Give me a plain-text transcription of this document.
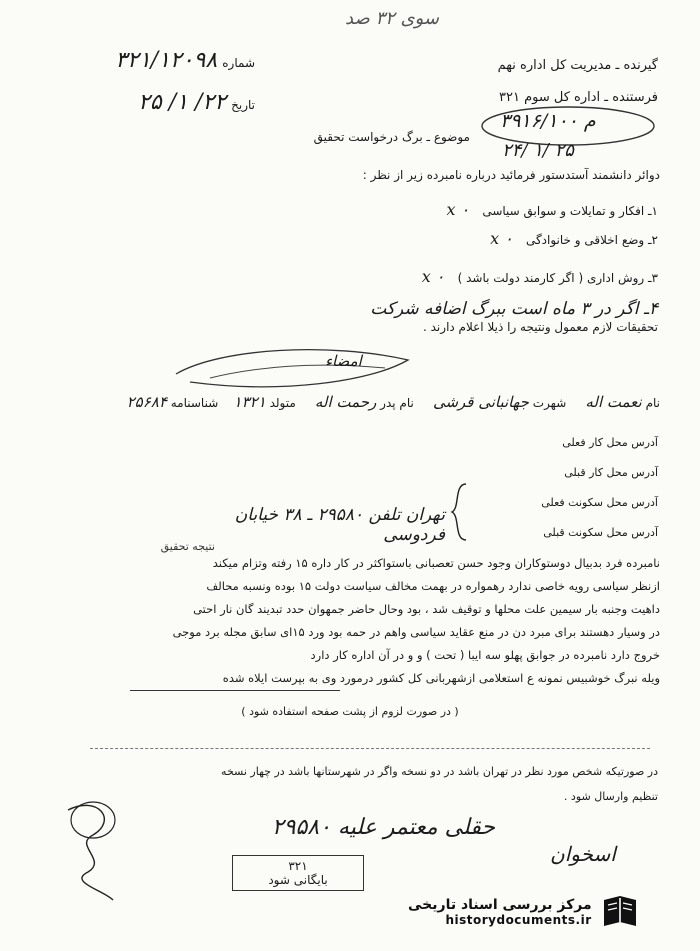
سوی ۳۲ صد
شماره ۳۲۱/۱۲۰۹۸
تاریخ ۲۲/ ۱/ ۲۵
گیرنده ـ مدیریت کل اداره نهم
فرستنده ـ اداره کل سوم ۳۲۱
۳م ۹۱۶/۱۰۰
۲۴/ ۱/ ۲۵
موضوع ـ برگ درخواست تحقیق
دوائر دانشمند آستدستور فرمائید درباره نامبرده زیر از نظر :
۱ـ افکار و تمایلات و سوابق سیاسی x ۰
۲ـ وضع اخلاقی و خانوادگی x ۰
۳ـ روش اداری ( اگر کارمند دولت باشد ) x ۰
۴ـ اگر در ۳ ماه است ببرگ اضافه شرکت
تحقیقات لازم معمول ونتیجه را ذیلا اعلام دارند .
امضاء
نام نعمت اله     شهرت جهانبانی قرشی     نام پدر رحمت اله     متولد ۱۳۲۱    شناسنامه ۲۵۶۸۴
آدرس محل کار فعلی
آدرس محل کار قبلی
آدرس محل سکونت فعلی
آدرس محل سکونت قبلی
تهران تلفن ۲۹۵۸۰ ـ ۳۸ خیابان فردوسی
نتیجه تحقیق
نامبرده فرد بدبیال دوستوکاران وجود حسن تعصبانی باستواکثر در کار داره ۱۵ رفته وتزام میکند
ازنظر سیاسی رویه خاصی ندارد رهمواره در بهمت مخالف سیاست دولت ۱۵ بوده ونسبه محالف
داهیت وجنبه بار سیمین علت محلها و توقیف شد ، بود وحال حاضر جمهوان حدد تبدیند گان نار احتی
در وسیار دهستند برای مبرد دن در منع عقاید سیاسی واهم در حمه بود ورد ۱۵ای سابق مجله برد موجی
خروج دارد نامبرده در جوابق پهلو سه ایبا ( تحت ) و و در آن اداره کار دارد
ویله نبرگ خوشبیس نمونه ع استعلامی ازشهربانی کل کشور درمورد وی به بپرست ایلاه شده
( در صورت لزوم از پشت صفحه استفاده شود )
در صورتیکه شخص مورد نظر در تهران باشد در دو نسخه واگر در شهرستانها باشد در چهار نسخه
تنظیم وارسال شود .
حقلی معتمر علیه ۲۹۵۸۰
۳۲۱
بایگانی شود
اسخوان
مرکز بررسی اسناد تاریخی
historydocuments.ir
